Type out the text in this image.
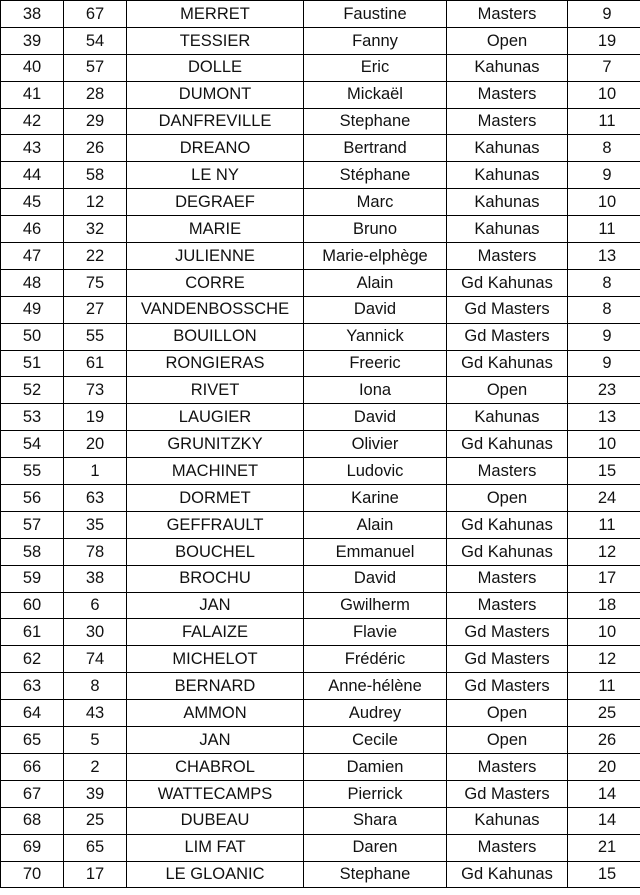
38	67	MERRET	Faustine	Masters	9
39	54	TESSIER	Fanny	Open	19
40	57	DOLLE	Eric	Kahunas	7
41	28	DUMONT	Mickaël	Masters	10
42	29	DANFREVILLE	Stephane	Masters	11
43	26	DREANO	Bertrand	Kahunas	8
44	58	LE NY	Stéphane	Kahunas	9
45	12	DEGRAEF	Marc	Kahunas	10
46	32	MARIE	Bruno	Kahunas	11
47	22	JULIENNE	Marie-elphège	Masters	13
48	75	CORRE	Alain	Gd Kahunas	8
49	27	VANDENBOSSCHE	David	Gd Masters	8
50	55	BOUILLON	Yannick	Gd Masters	9
51	61	RONGIERAS	Freeric	Gd Kahunas	9
52	73	RIVET	Iona	Open	23
53	19	LAUGIER	David	Kahunas	13
54	20	GRUNITZKY	Olivier	Gd Kahunas	10
55	1	MACHINET	Ludovic	Masters	15
56	63	DORMET	Karine	Open	24
57	35	GEFFRAULT	Alain	Gd Kahunas	11
58	78	BOUCHEL	Emmanuel	Gd Kahunas	12
59	38	BROCHU	David	Masters	17
60	6	JAN	Gwilherm	Masters	18
61	30	FALAIZE	Flavie	Gd Masters	10
62	74	MICHELOT	Frédéric	Gd Masters	12
63	8	BERNARD	Anne-hélène	Gd Masters	11
64	43	AMMON	Audrey	Open	25
65	5	JAN	Cecile	Open	26
66	2	CHABROL	Damien	Masters	20
67	39	WATTECAMPS	Pierrick	Gd Masters	14
68	25	DUBEAU	Shara	Kahunas	14
69	65	LIM FAT	Daren	Masters	21
70	17	LE GLOANIC	Stephane	Gd Kahunas	15
